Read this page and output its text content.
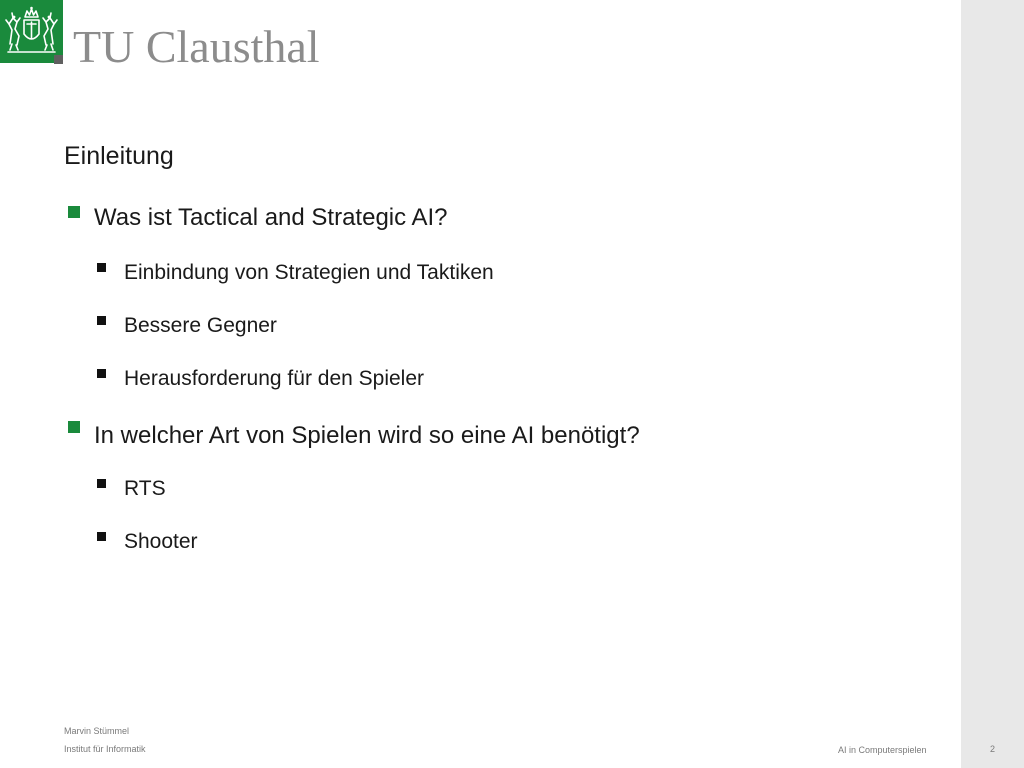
TU Clausthal
Einleitung
Was ist Tactical and Strategic AI?
Einbindung von Strategien und Taktiken
Bessere Gegner
Herausforderung für den Spieler
In welcher Art von Spielen wird so eine AI benötigt?
RTS
Shooter
Marvin Stümmel
Institut für Informatik	AI in Computerspielen	2
